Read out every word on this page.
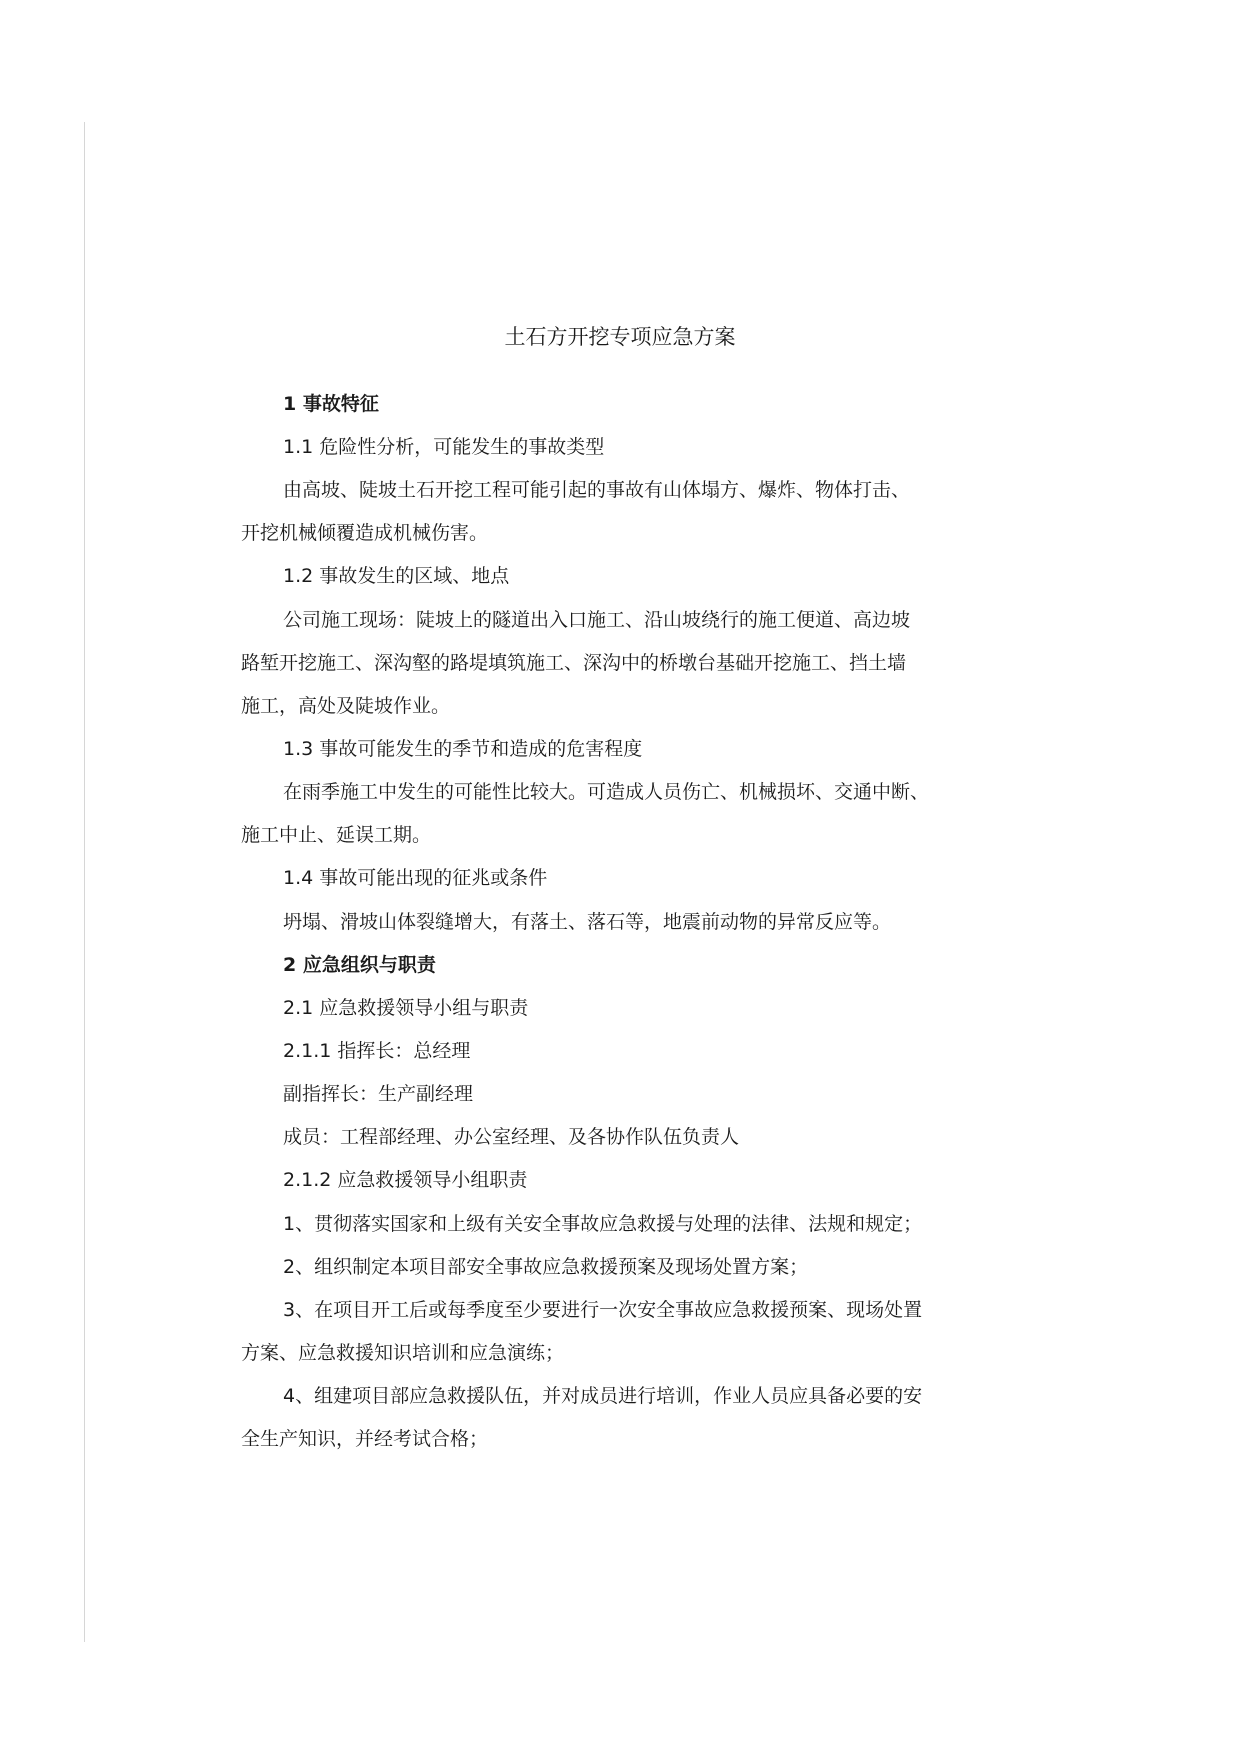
土石方开挖专项应急方案
1 事故特征
1.1 危险性分析，可能发生的事故类型
由高坡、陡坡土石开挖工程可能引起的事故有山体塌方、爆炸、物体打击、
开挖机械倾覆造成机械伤害。
1.2 事故发生的区域、地点
公司施工现场：陡坡上的隧道出入口施工、沿山坡绕行的施工便道、高边坡
路堑开挖施工、深沟壑的路堤填筑施工、深沟中的桥墩台基础开挖施工、挡土墙
施工，高处及陡坡作业。
1.3 事故可能发生的季节和造成的危害程度
在雨季施工中发生的可能性比较大。可造成人员伤亡、机械损坏、交通中断、
施工中止、延误工期。
1.4 事故可能出现的征兆或条件
坍塌、滑坡山体裂缝增大，有落土、落石等，地震前动物的异常反应等。
2 应急组织与职责
2.1 应急救援领导小组与职责
2.1.1 指挥长：总经理
副指挥长：生产副经理
成员：工程部经理、办公室经理、及各协作队伍负责人
2.1.2 应急救援领导小组职责
1、贯彻落实国家和上级有关安全事故应急救援与处理的法律、法规和规定；
2、组织制定本项目部安全事故应急救援预案及现场处置方案；
3、在项目开工后或每季度至少要进行一次安全事故应急救援预案、现场处置
方案、应急救援知识培训和应急演练；
4、组建项目部应急救援队伍，并对成员进行培训，作业人员应具备必要的安
全生产知识，并经考试合格；
